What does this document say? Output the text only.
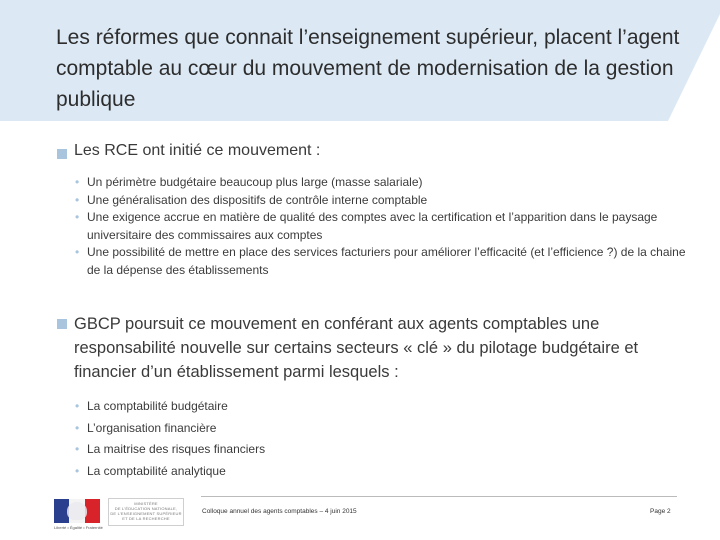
Les réformes que connait l’enseignement supérieur, placent l’agent comptable au cœur du mouvement de modernisation de la gestion publique
Les RCE ont initié ce mouvement :
• Un périmètre budgétaire beaucoup plus large (masse salariale)
• Une généralisation des dispositifs de contrôle interne comptable
• Une exigence accrue en matière de qualité des comptes avec la certification et l’apparition dans le paysage universitaire des commissaires aux comptes
• Une possibilité de mettre en place des services facturiers pour améliorer l’efficacité (et l’efficience ?) de la chaine de la dépense des établissements
GBCP poursuit ce mouvement en conférant aux agents comptables une responsabilité nouvelle sur certains secteurs « clé » du pilotage budgétaire et financier d’un établissement parmi lesquels :
• La comptabilité budgétaire
• L’organisation financière
• La maitrise des risques financiers
• La comptabilité analytique
Liberté • Égalité • Fraternité
MINISTÈRE
DE L’ÉDUCATION NATIONALE,
DE L’ENSEIGNEMENT SUPÉRIEUR
ET DE LA RECHERCHE
Colloque annuel des agents comptables – 4 juin 2015	Page 2
